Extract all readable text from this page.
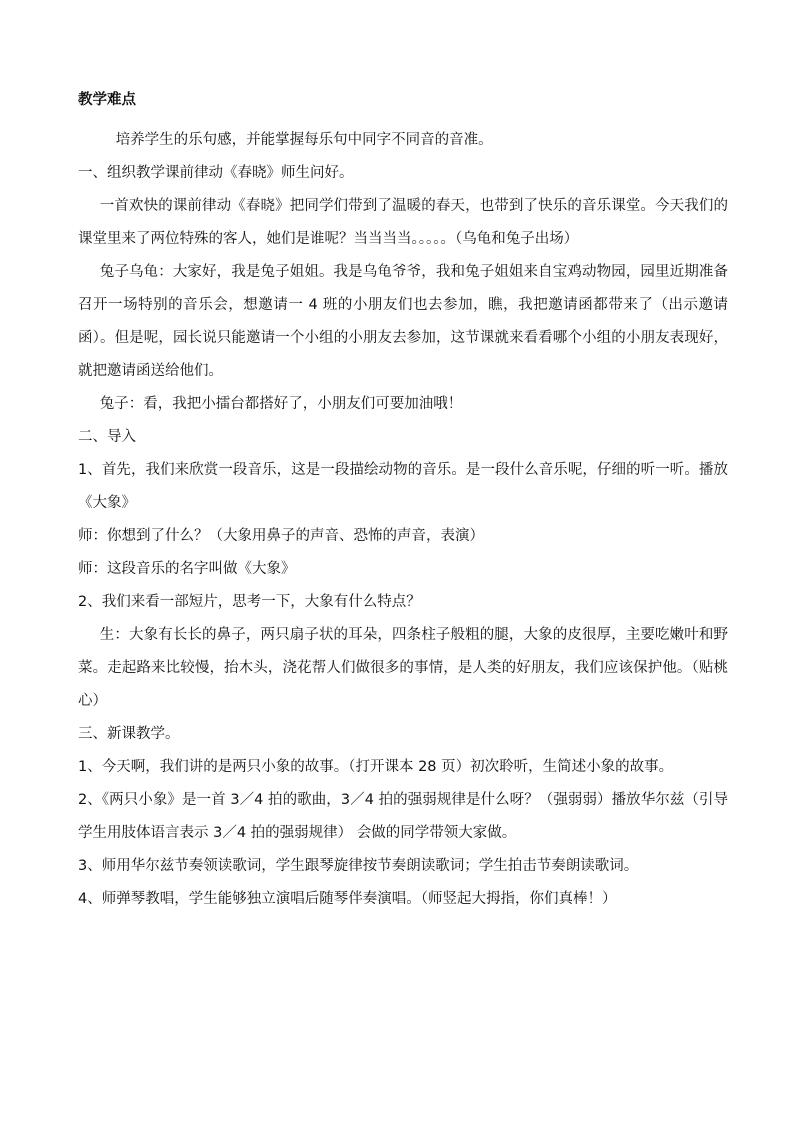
教学难点

培养学生的乐句感，并能掌握每乐句中同字不同音的音准。

一、组织教学课前律动《春晓》师生问好。

一首欢快的课前律动《春晓》把同学们带到了温暖的春天，也带到了快乐的音乐课堂。今天我们的课堂里来了两位特殊的客人，她们是谁呢？当当当当。。。。。（乌龟和兔子出场）

兔子乌龟：大家好，我是兔子姐姐。我是乌龟爷爷，我和兔子姐姐来自宝鸡动物园，园里近期准备召开一场特别的音乐会，想邀请一 4 班的小朋友们也去参加，瞧，我把邀请函都带来了（出示邀请函）。但是呢，园长说只能邀请一个小组的小朋友去参加，这节课就来看看哪个小组的小朋友表现好，就把邀请函送给他们。

兔子：看，我把小擂台都搭好了，小朋友们可要加油哦！

二、导入

1、首先，我们来欣赏一段音乐，这是一段描绘动物的音乐。是一段什么音乐呢，仔细的听一听。播放《大象》

师：你想到了什么？（大象用鼻子的声音、恐怖的声音，表演）

师：这段音乐的名字叫做《大象》

2、我们来看一部短片，思考一下，大象有什么特点？

生：大象有长长的鼻子，两只扇子状的耳朵，四条柱子般粗的腿，大象的皮很厚，主要吃嫩叶和野菜。走起路来比较慢，抬木头，浇花帮人们做很多的事情，是人类的好朋友，我们应该保护他。（贴桃心）

三、新课教学。

1、今天啊，我们讲的是两只小象的故事。（打开课本 28 页）初次聆听，生简述小象的故事。

2、《两只小象》是一首 3／4 拍的歌曲，3／4 拍的强弱规律是什么呀？（强弱弱）播放华尔兹（引导学生用肢体语言表示 3／4 拍的强弱规律） 会做的同学带领大家做。

3、师用华尔兹节奏领读歌词，学生跟琴旋律按节奏朗读歌词；学生拍击节奏朗读歌词。

4、师弹琴教唱，学生能够独立演唱后随琴伴奏演唱。（师竖起大拇指，你们真棒！）
